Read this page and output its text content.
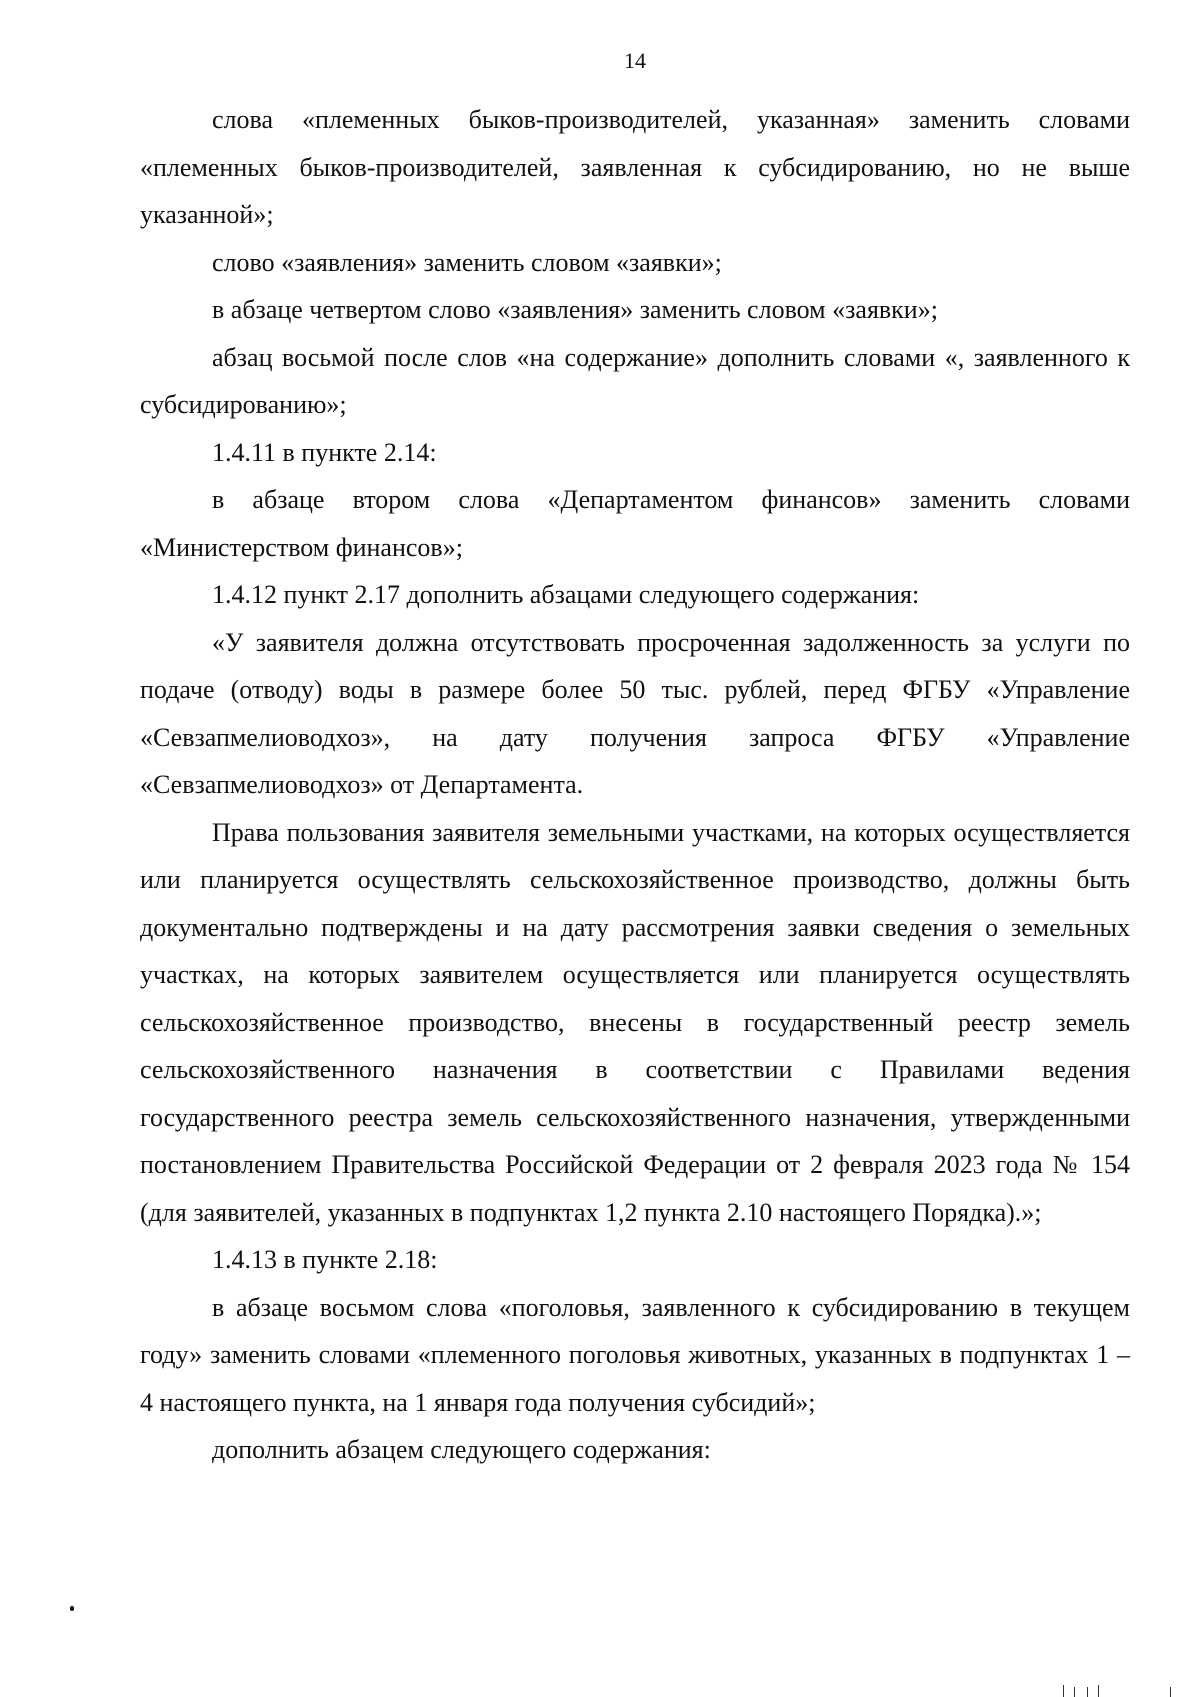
14

слова «племенных быков-производителей, указанная» заменить словами «племенных быков-производителей, заявленная к субсидированию, но не выше указанной»;

слово «заявления» заменить словом «заявки»;

в абзаце четвертом слово «заявления» заменить словом «заявки»;

абзац восьмой после слов «на содержание» дополнить словами «, заявленного к субсидированию»;

1.4.11 в пункте 2.14:

в абзаце втором слова «Департаментом финансов» заменить словами «Министерством финансов»;

1.4.12 пункт 2.17 дополнить абзацами следующего содержания:

«У заявителя должна отсутствовать просроченная задолженность за услуги по подаче (отводу) воды в размере более 50 тыс. рублей, перед ФГБУ «Управление «Севзапмелиоводхоз», на дату получения запроса ФГБУ «Управление «Севзапмелиоводхоз» от Департамента.

Права пользования заявителя земельными участками, на которых осуществляется или планируется осуществлять сельскохозяйственное производство, должны быть документально подтверждены и на дату рассмотрения заявки сведения о земельных участках, на которых заявителем осуществляется или планируется осуществлять сельскохозяйственное производство, внесены в государственный реестр земель сельскохозяйственного назначения в соответствии с Правилами ведения государственного реестра земель сельскохозяйственного назначения, утвержденными постановлением Правительства Российской Федерации от 2 февраля 2023 года № 154 (для заявителей, указанных в подпунктах 1,2 пункта 2.10 настоящего Порядка).»;

1.4.13 в пункте 2.18:

в абзаце восьмом слова «поголовья, заявленного к субсидированию в текущем году» заменить словами «племенного поголовья животных, указанных в подпунктах 1 – 4 настоящего пункта, на 1 января года получения субсидий»;

дополнить абзацем следующего содержания:
